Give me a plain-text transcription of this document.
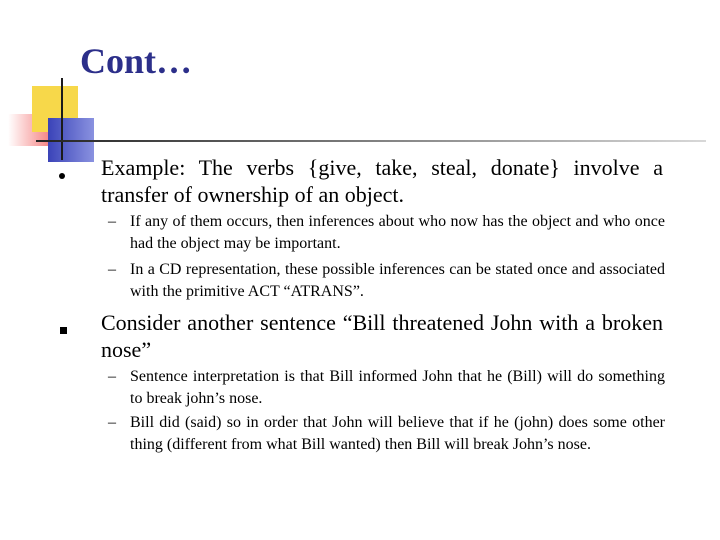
Cont…
Example: The verbs {give, take, steal, donate} involve a transfer of ownership of an object.
– If any of them occurs, then inferences about who now has the object and who once had the object may be important.
– In a CD representation, these possible inferences can be stated once and associated with the primitive ACT “ATRANS”.
Consider another sentence “Bill threatened John with a broken nose”
– Sentence interpretation is that Bill informed John that he (Bill) will do something to break john’s nose.
– Bill did (said) so in order that John will believe that if he (john) does some other thing (different from what Bill wanted) then Bill will break John’s nose.
